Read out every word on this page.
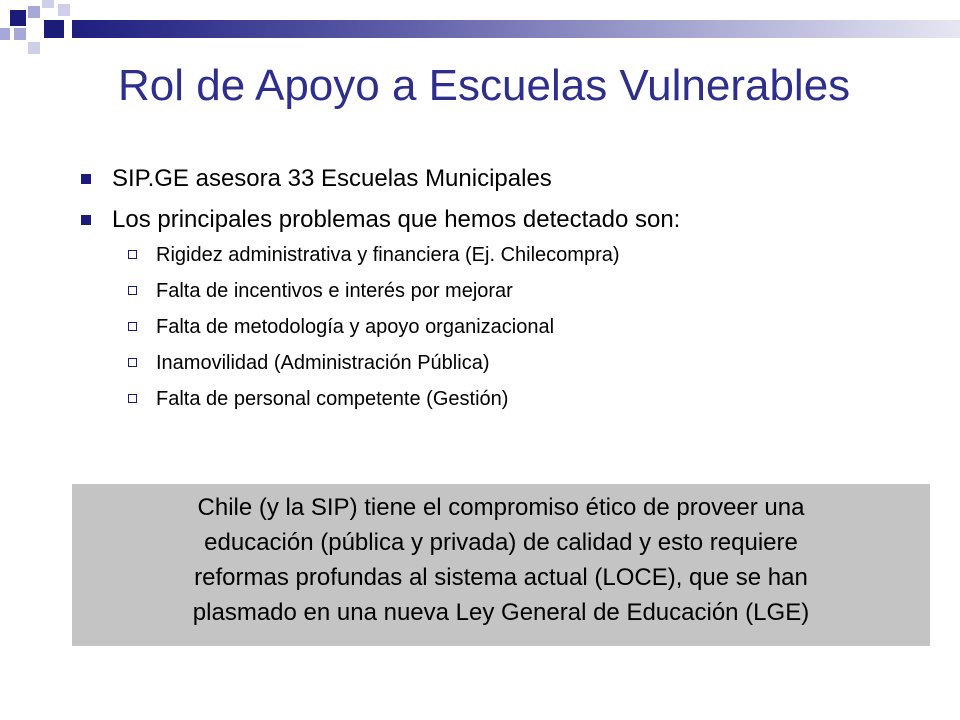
Rol de Apoyo a Escuelas Vulnerables
SIP.GE asesora 33 Escuelas Municipales
Los principales problemas que hemos detectado son:
Rigidez administrativa y financiera (Ej. Chilecompra)
Falta de incentivos e interés por mejorar
Falta de metodología y apoyo organizacional
Inamovilidad (Administración Pública)
Falta de personal competente (Gestión)
Chile (y la SIP) tiene el compromiso ético de proveer una
educación (pública y privada) de calidad y esto requiere
reformas profundas al sistema actual (LOCE), que se han
plasmado en una nueva Ley General de Educación (LGE)
